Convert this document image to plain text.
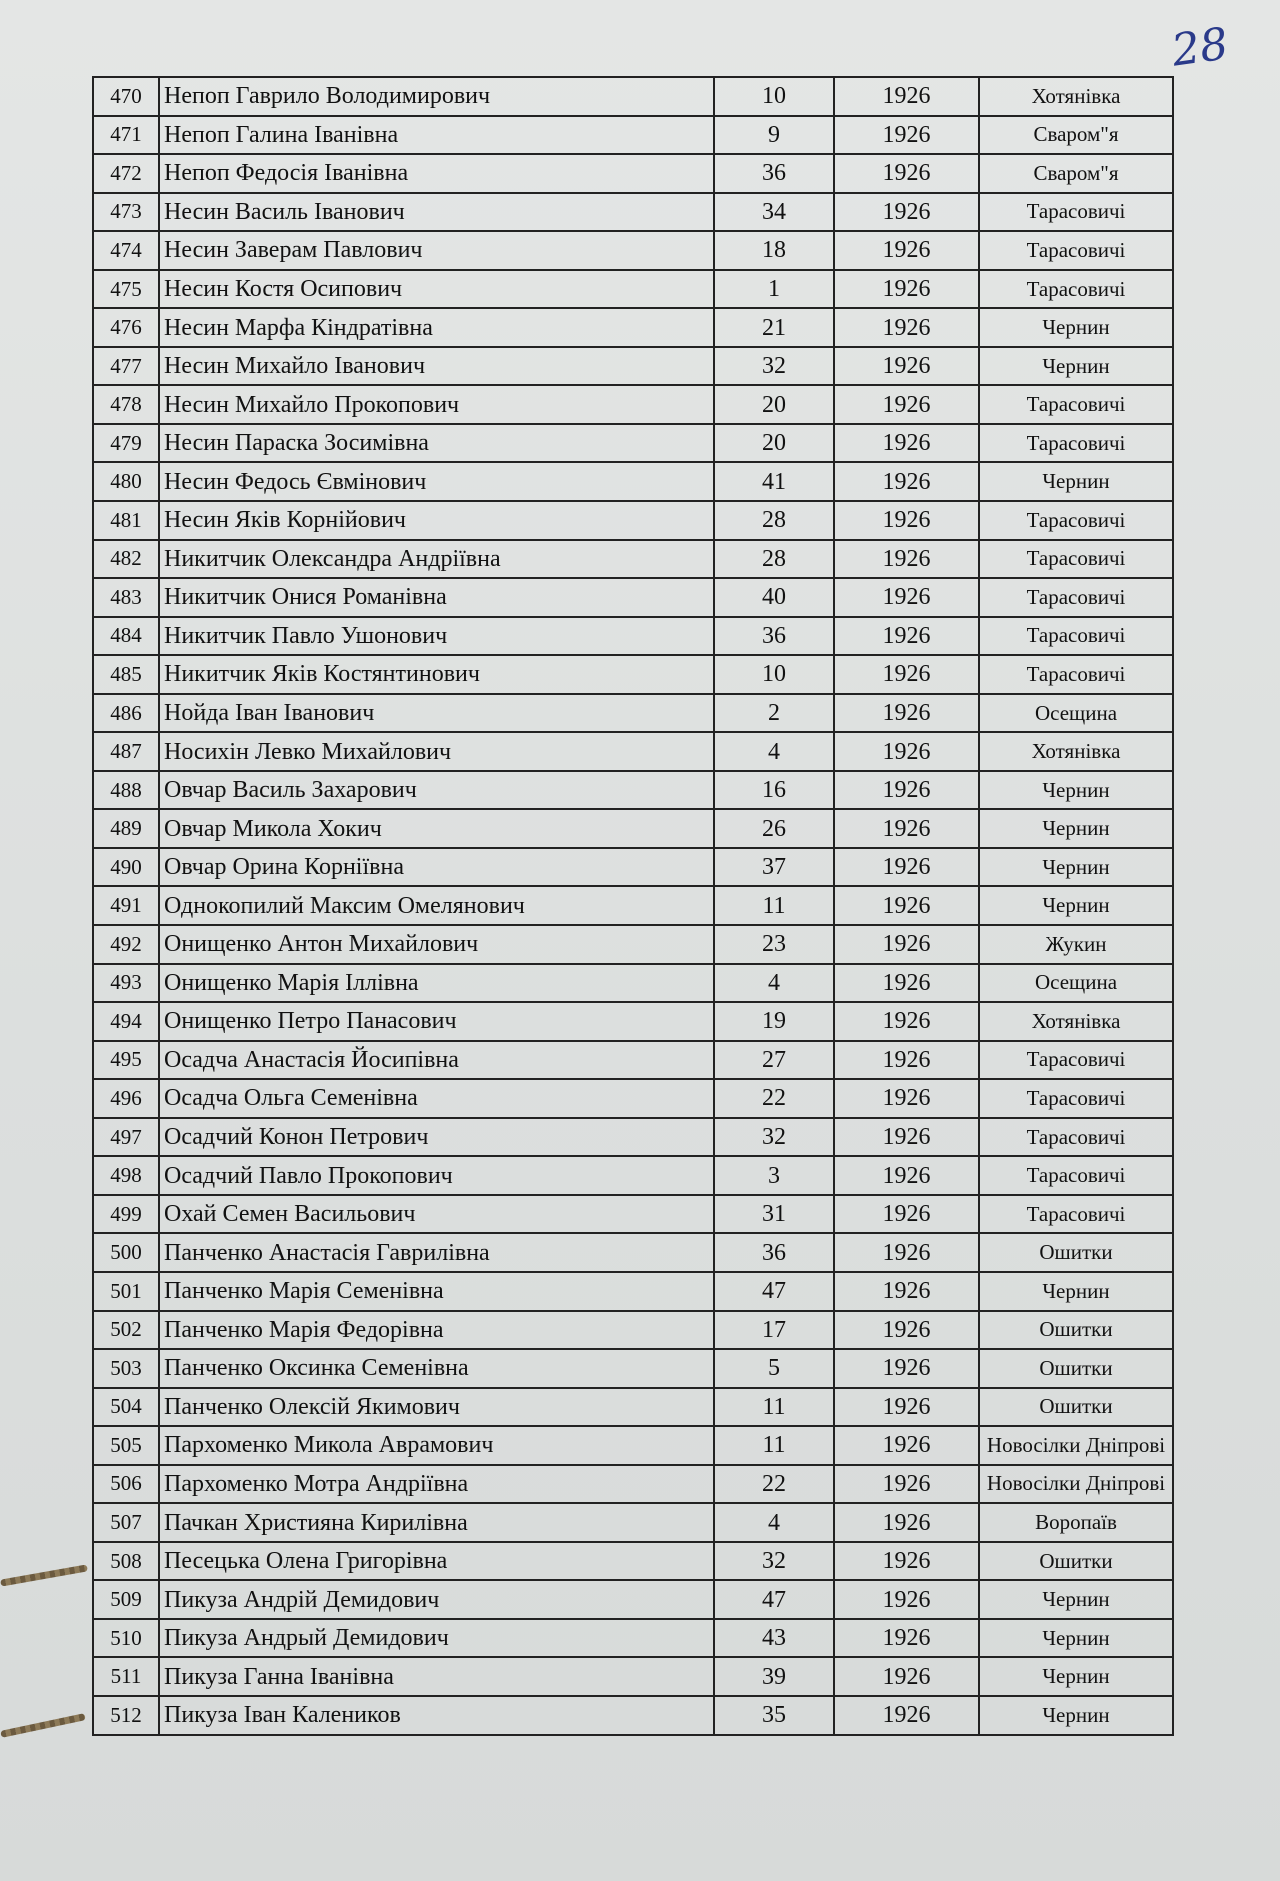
28
470	Непоп Гаврило Володимирович	10	1926	Хотянівка
471	Непоп Галина Іванівна	9	1926	Сваром"я
472	Непоп Федосія Іванівна	36	1926	Сваром"я
473	Несин Василь Іванович	34	1926	Тарасовичі
474	Несин Заверам Павлович	18	1926	Тарасовичі
475	Несин Костя Осипович	1	1926	Тарасовичі
476	Несин Марфа Кіндратівна	21	1926	Чернин
477	Несин Михайло Іванович	32	1926	Чернин
478	Несин Михайло Прокопович	20	1926	Тарасовичі
479	Несин Параска Зосимівна	20	1926	Тарасовичі
480	Несин Федось Євмінович	41	1926	Чернин
481	Несин Яків Корнійович	28	1926	Тарасовичі
482	Никитчик Олександра Андріївна	28	1926	Тарасовичі
483	Никитчик Онися Романівна	40	1926	Тарасовичі
484	Никитчик Павло Ушонович	36	1926	Тарасовичі
485	Никитчик Яків Костянтинович	10	1926	Тарасовичі
486	Нойда Іван Іванович	2	1926	Осещина
487	Носихін Левко Михайлович	4	1926	Хотянівка
488	Овчар Василь Захарович	16	1926	Чернин
489	Овчар Микола Хокич	26	1926	Чернин
490	Овчар Орина Корніївна	37	1926	Чернин
491	Однокопилий Максим Омелянович	11	1926	Чернин
492	Онищенко Антон Михайлович	23	1926	Жукин
493	Онищенко Марія Іллівна	4	1926	Осещина
494	Онищенко Петро Панасович	19	1926	Хотянівка
495	Осадча Анастасія Йосипівна	27	1926	Тарасовичі
496	Осадча Ольга Семенівна	22	1926	Тарасовичі
497	Осадчий Конон Петрович	32	1926	Тарасовичі
498	Осадчий Павло Прокопович	3	1926	Тарасовичі
499	Охай Семен Васильович	31	1926	Тарасовичі
500	Панченко Анастасія Гаврилівна	36	1926	Ошитки
501	Панченко Марія Семенівна	47	1926	Чернин
502	Панченко Марія Федорівна	17	1926	Ошитки
503	Панченко Оксинка Семенівна	5	1926	Ошитки
504	Панченко Олексій Якимович	11	1926	Ошитки
505	Пархоменко Микола Аврамович	11	1926	Новосілки Дніпрові
506	Пархоменко Мотра Андріївна	22	1926	Новосілки Дніпрові
507	Пачкан Християна Кирилівна	4	1926	Воропаїв
508	Песецька Олена Григорівна	32	1926	Ошитки
509	Пикуза Андрій Демидович	47	1926	Чернин
510	Пикуза Андрый Демидович	43	1926	Чернин
511	Пикуза Ганна Іванівна	39	1926	Чернин
512	Пикуза Іван Калеников	35	1926	Чернин
